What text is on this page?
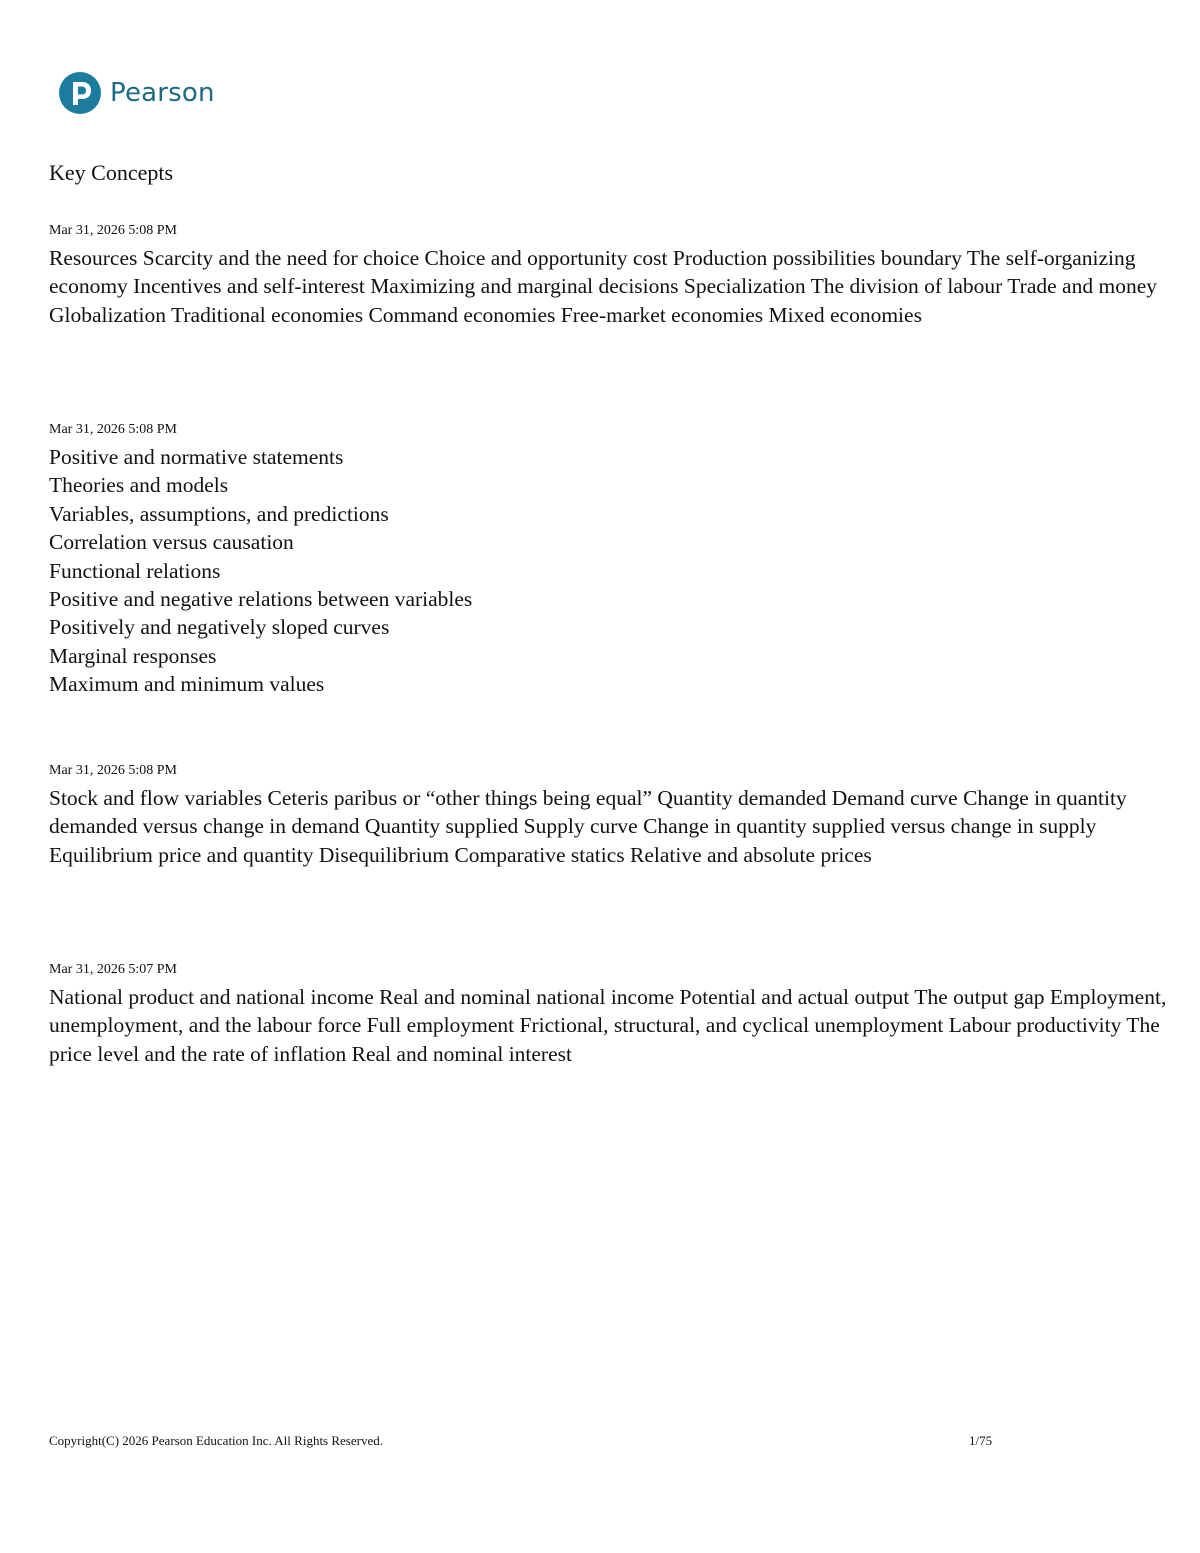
Pearson
Key Concepts

Mar 31, 2026 5:08 PM

Resources Scarcity and the need for choice Choice and opportunity cost Production possibilities boundary The self-organizing economy Incentives and self-interest Maximizing and marginal decisions Specialization The division of labour Trade and money Globalization Traditional economies Command economies Free-market economies Mixed economies

Mar 31, 2026 5:08 PM

Positive and normative statements
Theories and models
Variables, assumptions, and predictions
Correlation versus causation
Functional relations
Positive and negative relations between variables
Positively and negatively sloped curves
Marginal responses
Maximum and minimum values

Mar 31, 2026 5:08 PM

Stock and flow variables Ceteris paribus or “other things being equal” Quantity demanded Demand curve Change in quantity demanded versus change in demand Quantity supplied Supply curve Change in quantity supplied versus change in supply Equilibrium price and quantity Disequilibrium Comparative statics Relative and absolute prices

Mar 31, 2026 5:07 PM

National product and national income Real and nominal national income Potential and actual output The output gap Employment, unemployment, and the labour force Full employment Frictional, structural, and cyclical unemployment Labour productivity The price level and the rate of inflation Real and nominal interest

Copyright(C) 2026 Pearson Education Inc. All Rights Reserved.	1/75
